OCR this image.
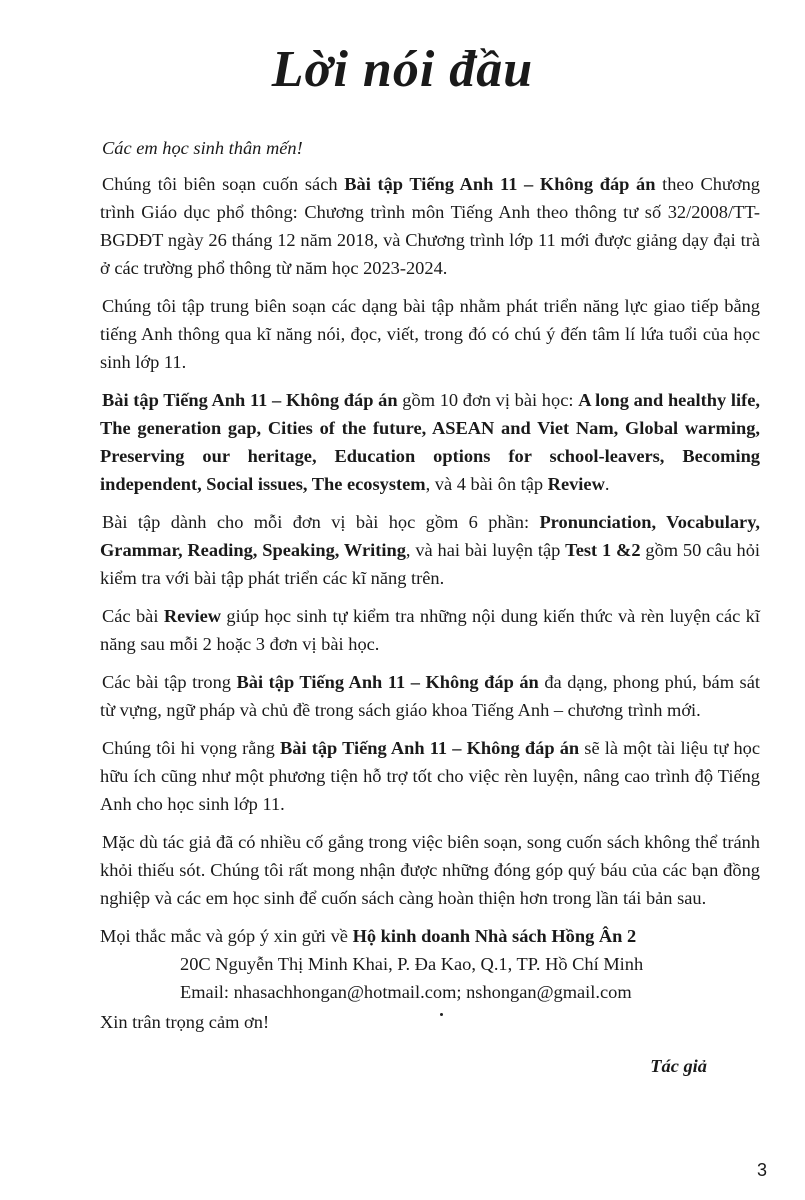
Lời nói đầu

Các em học sinh thân mến!

Chúng tôi biên soạn cuốn sách Bài tập Tiếng Anh 11 – Không đáp án theo Chương trình Giáo dục phổ thông: Chương trình môn Tiếng Anh theo thông tư số 32/2008/TT-BGDĐT ngày 26 tháng 12 năm 2018, và Chương trình lớp 11 mới được giảng dạy đại trà ở các trường phổ thông từ năm học 2023-2024.

Chúng tôi tập trung biên soạn các dạng bài tập nhằm phát triển năng lực giao tiếp bằng tiếng Anh thông qua kĩ năng nói, đọc, viết, trong đó có chú ý đến tâm lí lứa tuổi của học sinh lớp 11.

Bài tập Tiếng Anh 11 – Không đáp án gồm 10 đơn vị bài học: A long and healthy life, The generation gap, Cities of the future, ASEAN and Viet Nam, Global warming, Preserving our heritage, Education options for school-leavers, Becoming independent, Social issues, The ecosystem, và 4 bài ôn tập Review.

Bài tập dành cho mỗi đơn vị bài học gồm 6 phần: Pronunciation, Vocabulary, Grammar, Reading, Speaking, Writing, và hai bài luyện tập Test 1 &2 gồm 50 câu hỏi kiểm tra với bài tập phát triển các kĩ năng trên.

Các bài Review giúp học sinh tự kiểm tra những nội dung kiến thức và rèn luyện các kĩ năng sau mỗi 2 hoặc 3 đơn vị bài học.

Các bài tập trong Bài tập Tiếng Anh 11 – Không đáp án đa dạng, phong phú, bám sát từ vựng, ngữ pháp và chủ đề trong sách giáo khoa Tiếng Anh – chương trình mới.

Chúng tôi hi vọng rằng Bài tập Tiếng Anh 11 – Không đáp án sẽ là một tài liệu tự học hữu ích cũng như một phương tiện hỗ trợ tốt cho việc rèn luyện, nâng cao trình độ Tiếng Anh cho học sinh lớp 11.

Mặc dù tác giả đã có nhiều cố gắng trong việc biên soạn, song cuốn sách không thể tránh khỏi thiếu sót. Chúng tôi rất mong nhận được những đóng góp quý báu của các bạn đồng nghiệp và các em học sinh để cuốn sách càng hoàn thiện hơn trong lần tái bản sau.

Mọi thắc mắc và góp ý xin gửi về Hộ kinh doanh Nhà sách Hồng Ân 2

20C Nguyễn Thị Minh Khai, P. Đa Kao, Q.1, TP. Hồ Chí Minh

Email: nhasachhongan@hotmail.com; nshongan@gmail.com

Xin trân trọng cảm ơn!

Tác giả
3
